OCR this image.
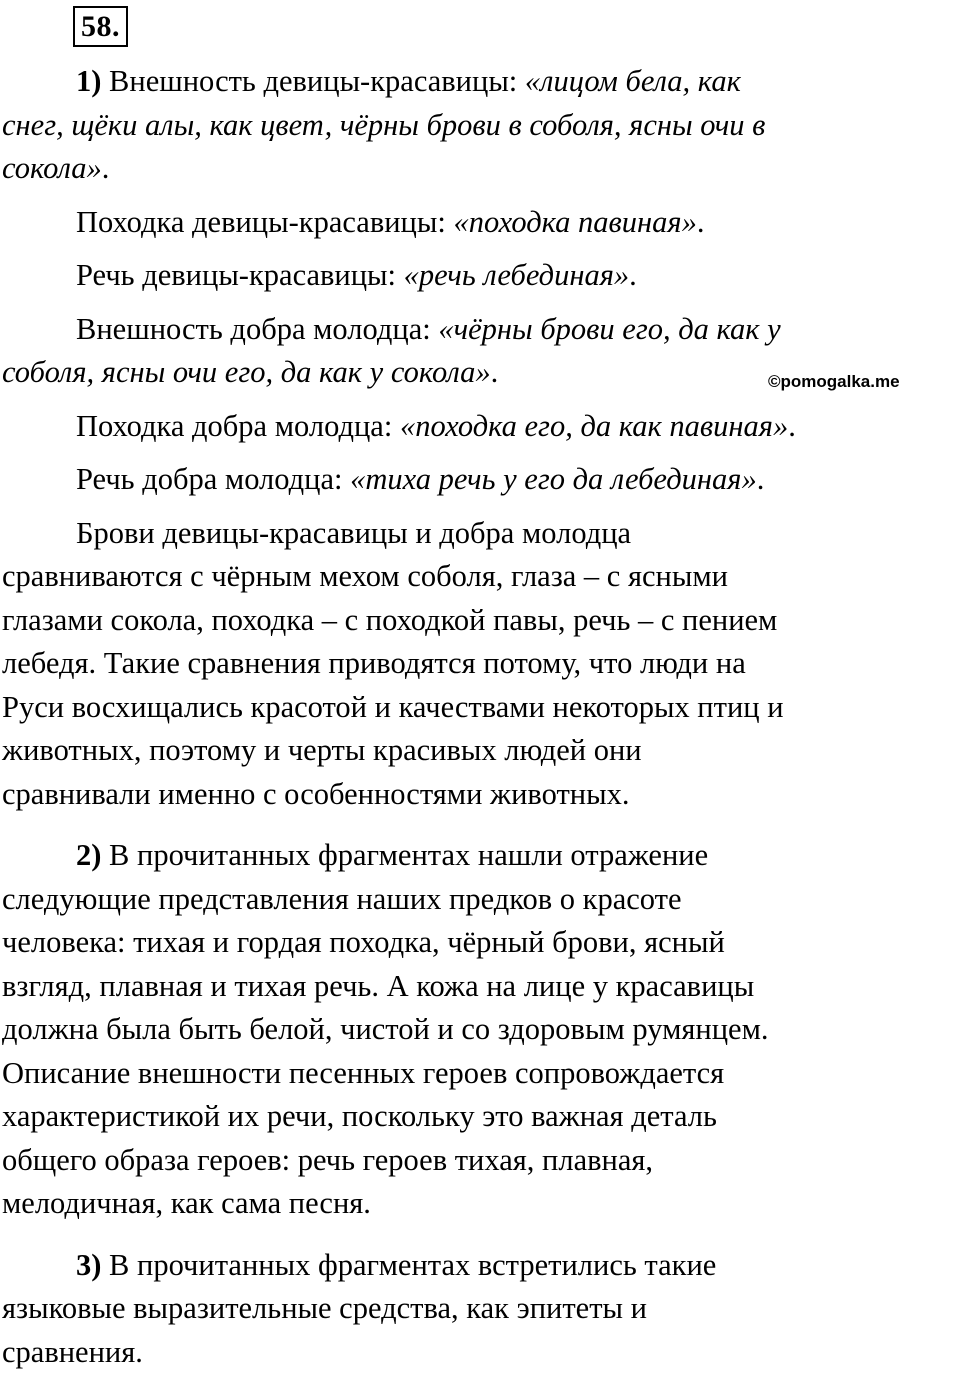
58.

1) Внешность девицы-красавицы: «лицом бела, как
снег, щёки алы, как цвет, чёрны брови в соболя, ясны очи в
сокола».

Походка девицы-красавицы: «походка павиная».

Речь девицы-красавицы: «речь лебединая».

Внешность добра молодца: «чёрны брови его, да как у
соболя, ясны очи его, да как у сокола».

Походка добра молодца: «походка его, да как павиная».

Речь добра молодца: «тиха речь у его да лебединая».

Брови девицы-красавицы и добра молодца
сравниваются с чёрным мехом соболя, глаза – с ясными
глазами сокола, походка – с походкой павы, речь – с пением
лебедя. Такие сравнения приводятся потому, что люди на
Руси восхищались красотой и качествами некоторых птиц и
животных, поэтому и черты красивых людей они
сравнивали именно с особенностями животных.

2) В прочитанных фрагментах нашли отражение
следующие представления наших предков о красоте
человека: тихая и гордая походка, чёрный брови, ясный
взгляд, плавная и тихая речь. А кожа на лице у красавицы
должна была быть белой, чистой и со здоровым румянцем.
Описание внешности песенных героев сопровождается
характеристикой их речи, поскольку это важная деталь
общего образа героев: речь героев тихая, плавная,
мелодичная, как сама песня.

3) В прочитанных фрагментах встретились такие
языковые выразительные средства, как эпитеты и
сравнения.

©pomogalka.me
